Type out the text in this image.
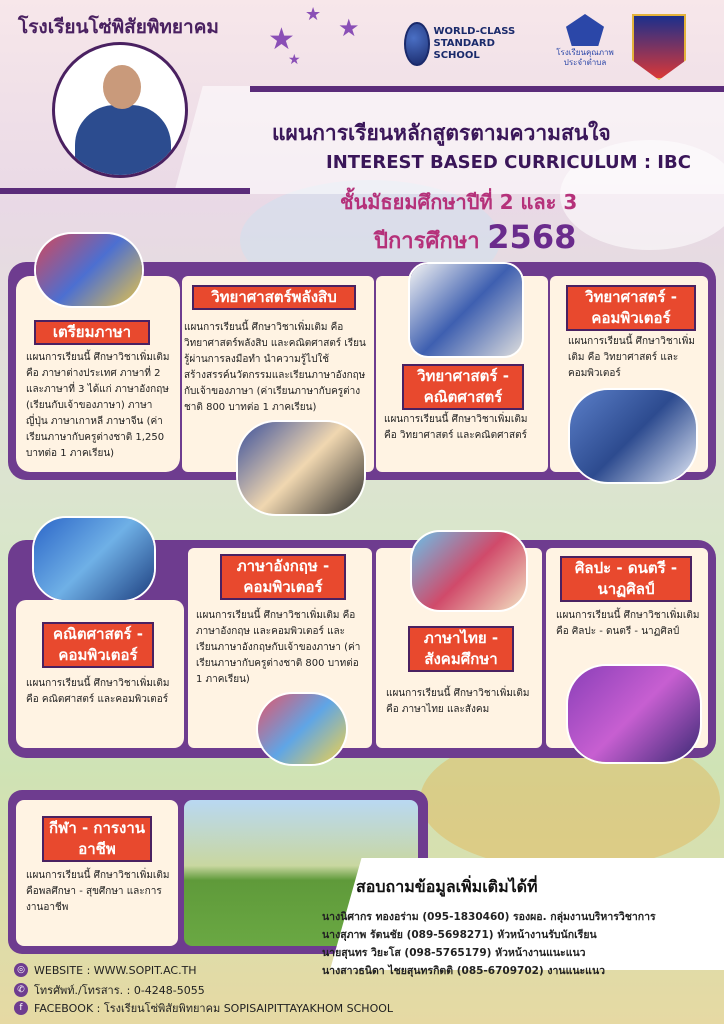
โรงเรียนโซ่พิสัยพิทยาคม ★
★ ★
★
WORLD-CLASS STANDARD SCHOOL	โรงเรียนคุณภาพ ประจำตำบล
แผนการเรียนหลักสูตรตามความสนใจ
INTEREST BASED CURRICULUM : IBC
ชั้นมัธยมศึกษาปีที่ 2 และ 3
ปีการศึกษา 2568
เตรียมภาษา
แผนการเรียนนี้ ศึกษาวิชาเพิ่มเติม คือ ภาษาต่างประเทศ ภาษาที่ 2 และภาษาที่ 3 ได้แก่ ภาษาอังกฤษ (เรียนกับเจ้าของภาษา) ภาษาญี่ปุ่น ภาษาเกาหลี ภาษาจีน (ค่าเรียนภาษากับครูต่างชาติ 1,250 บาทต่อ 1 ภาคเรียน)
วิทยาศาสตร์พลังสิบ
แผนการเรียนนี้ ศึกษาวิชาเพิ่มเติม คือ วิทยาศาสตร์พลังสิบ และคณิตศาสตร์ เรียนรู้ผ่านการลงมือทำ นำความรู้ไปใช้ สร้างสรรค์นวัตกรรมและเรียนภาษาอังกฤษกับเจ้าของภาษา (ค่าเรียนภาษากับครูต่างชาติ 800 บาทต่อ 1 ภาคเรียน)
วิทยาศาสตร์ - คณิตศาสตร์
แผนการเรียนนี้ ศึกษาวิชาเพิ่มเติม คือ วิทยาศาสตร์ และคณิตศาสตร์
วิทยาศาสตร์ - คอมพิวเตอร์
แผนการเรียนนี้ ศึกษาวิชาเพิ่มเติม คือ วิทยาศาสตร์ และคอมพิวเตอร์
คณิตศาสตร์ - คอมพิวเตอร์
แผนการเรียนนี้ ศึกษาวิชาเพิ่มเติม คือ คณิตศาสตร์ และคอมพิวเตอร์
ภาษาอังกฤษ - คอมพิวเตอร์
แผนการเรียนนี้ ศึกษาวิชาเพิ่มเติม คือภาษาอังกฤษ และคอมพิวเตอร์ และเรียนภาษาอังกฤษกับเจ้าของภาษา (ค่าเรียนภาษากับครูต่างชาติ 800 บาทต่อ 1 ภาคเรียน)
ภาษาไทย - สังคมศึกษา
แผนการเรียนนี้ ศึกษาวิชาเพิ่มเติม คือ ภาษาไทย และสังคม
ศิลปะ - ดนตรี - นาฏศิลป์
แผนการเรียนนี้ ศึกษาวิชาเพิ่มเติม คือ ศิลปะ - ดนตรี - นาฏศิลป์
กีฬา - การงานอาชีพ
แผนการเรียนนี้ ศึกษาวิชาเพิ่มเติม คือพลศึกษา - สุขศึกษา และการงานอาชีพ
สอบถามข้อมูลเพิ่มเติมได้ที่
นางนิศากร ทองอร่าม (095-1830460) รองผอ. กลุ่มงานบริหารวิชาการ
นางสุภาพ รัตนชัย (089-5698271) หัวหน้างานรับนักเรียน
นายสุนทร วิยะโส (098-5765179) หัวหน้างานแนะแนว
นางสาวธนิดา ไชยสุนทรกิตติ (085-6709702) งานแนะแนว
◎ WEBSITE : WWW.SOPIT.AC.TH
✆ โทรศัพท์./โทรสาร. : 0-4248-5055
f	FACEBOOK : โรงเรียนโซ่พิสัยพิทยาคม SOPISAIPITTAYAKHOM SCHOOL
